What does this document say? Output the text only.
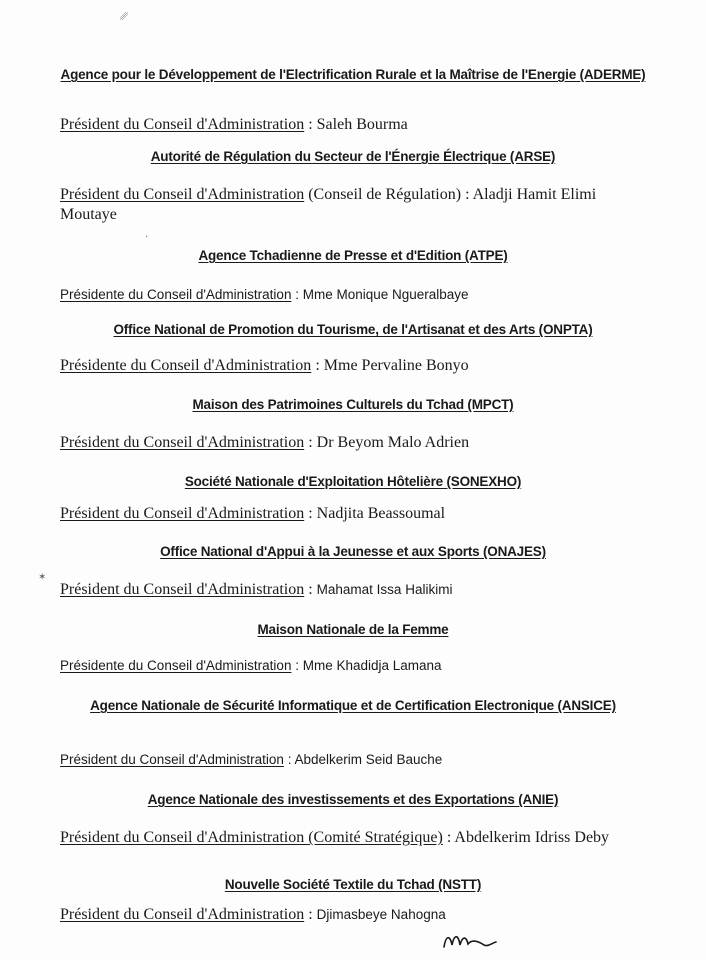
␥
Agence pour le Développement de l'Electrification Rurale et la Maîtrise de l'Energie (ADERME)
Président du Conseil d'Administration : Saleh Bourma
Autorité de Régulation du Secteur de l'Énergie Électrique (ARSE)
Président du Conseil d'Administration (Conseil de Régulation) : Aladji Hamit Elimi Moutaye
·
Agence Tchadienne de Presse et d'Edition (ATPE)
Présidente du Conseil d'Administration : Mme Monique Ngueralbaye
Office National de Promotion du Tourisme, de l'Artisanat et des Arts (ONPTA)
Présidente du Conseil d'Administration : Mme Pervaline Bonyo
Maison des Patrimoines Culturels du Tchad (MPCT)
Président du Conseil d'Administration : Dr Beyom Malo Adrien
Société Nationale d'Exploitation Hôtelière (SONEXHO)
Président du Conseil d'Administration : Nadjita Beassoumal
Office National d'Appui à la Jeunesse et aux Sports (ONAJES)
✶
Président du Conseil d'Administration : Mahamat Issa Halikimi
Maison Nationale de la Femme
Présidente du Conseil d'Administration : Mme Khadidja Lamana
Agence Nationale de Sécurité Informatique et de Certification Electronique (ANSICE)
Président du Conseil d'Administration : Abdelkerim Seid Bauche
Agence Nationale des investissements et des Exportations (ANIE)
Président du Conseil d'Administration (Comité Stratégique) : Abdelkerim Idriss Deby
Nouvelle Société Textile du Tchad (NSTT)
Président du Conseil d'Administration : Djimasbeye Nahogna
